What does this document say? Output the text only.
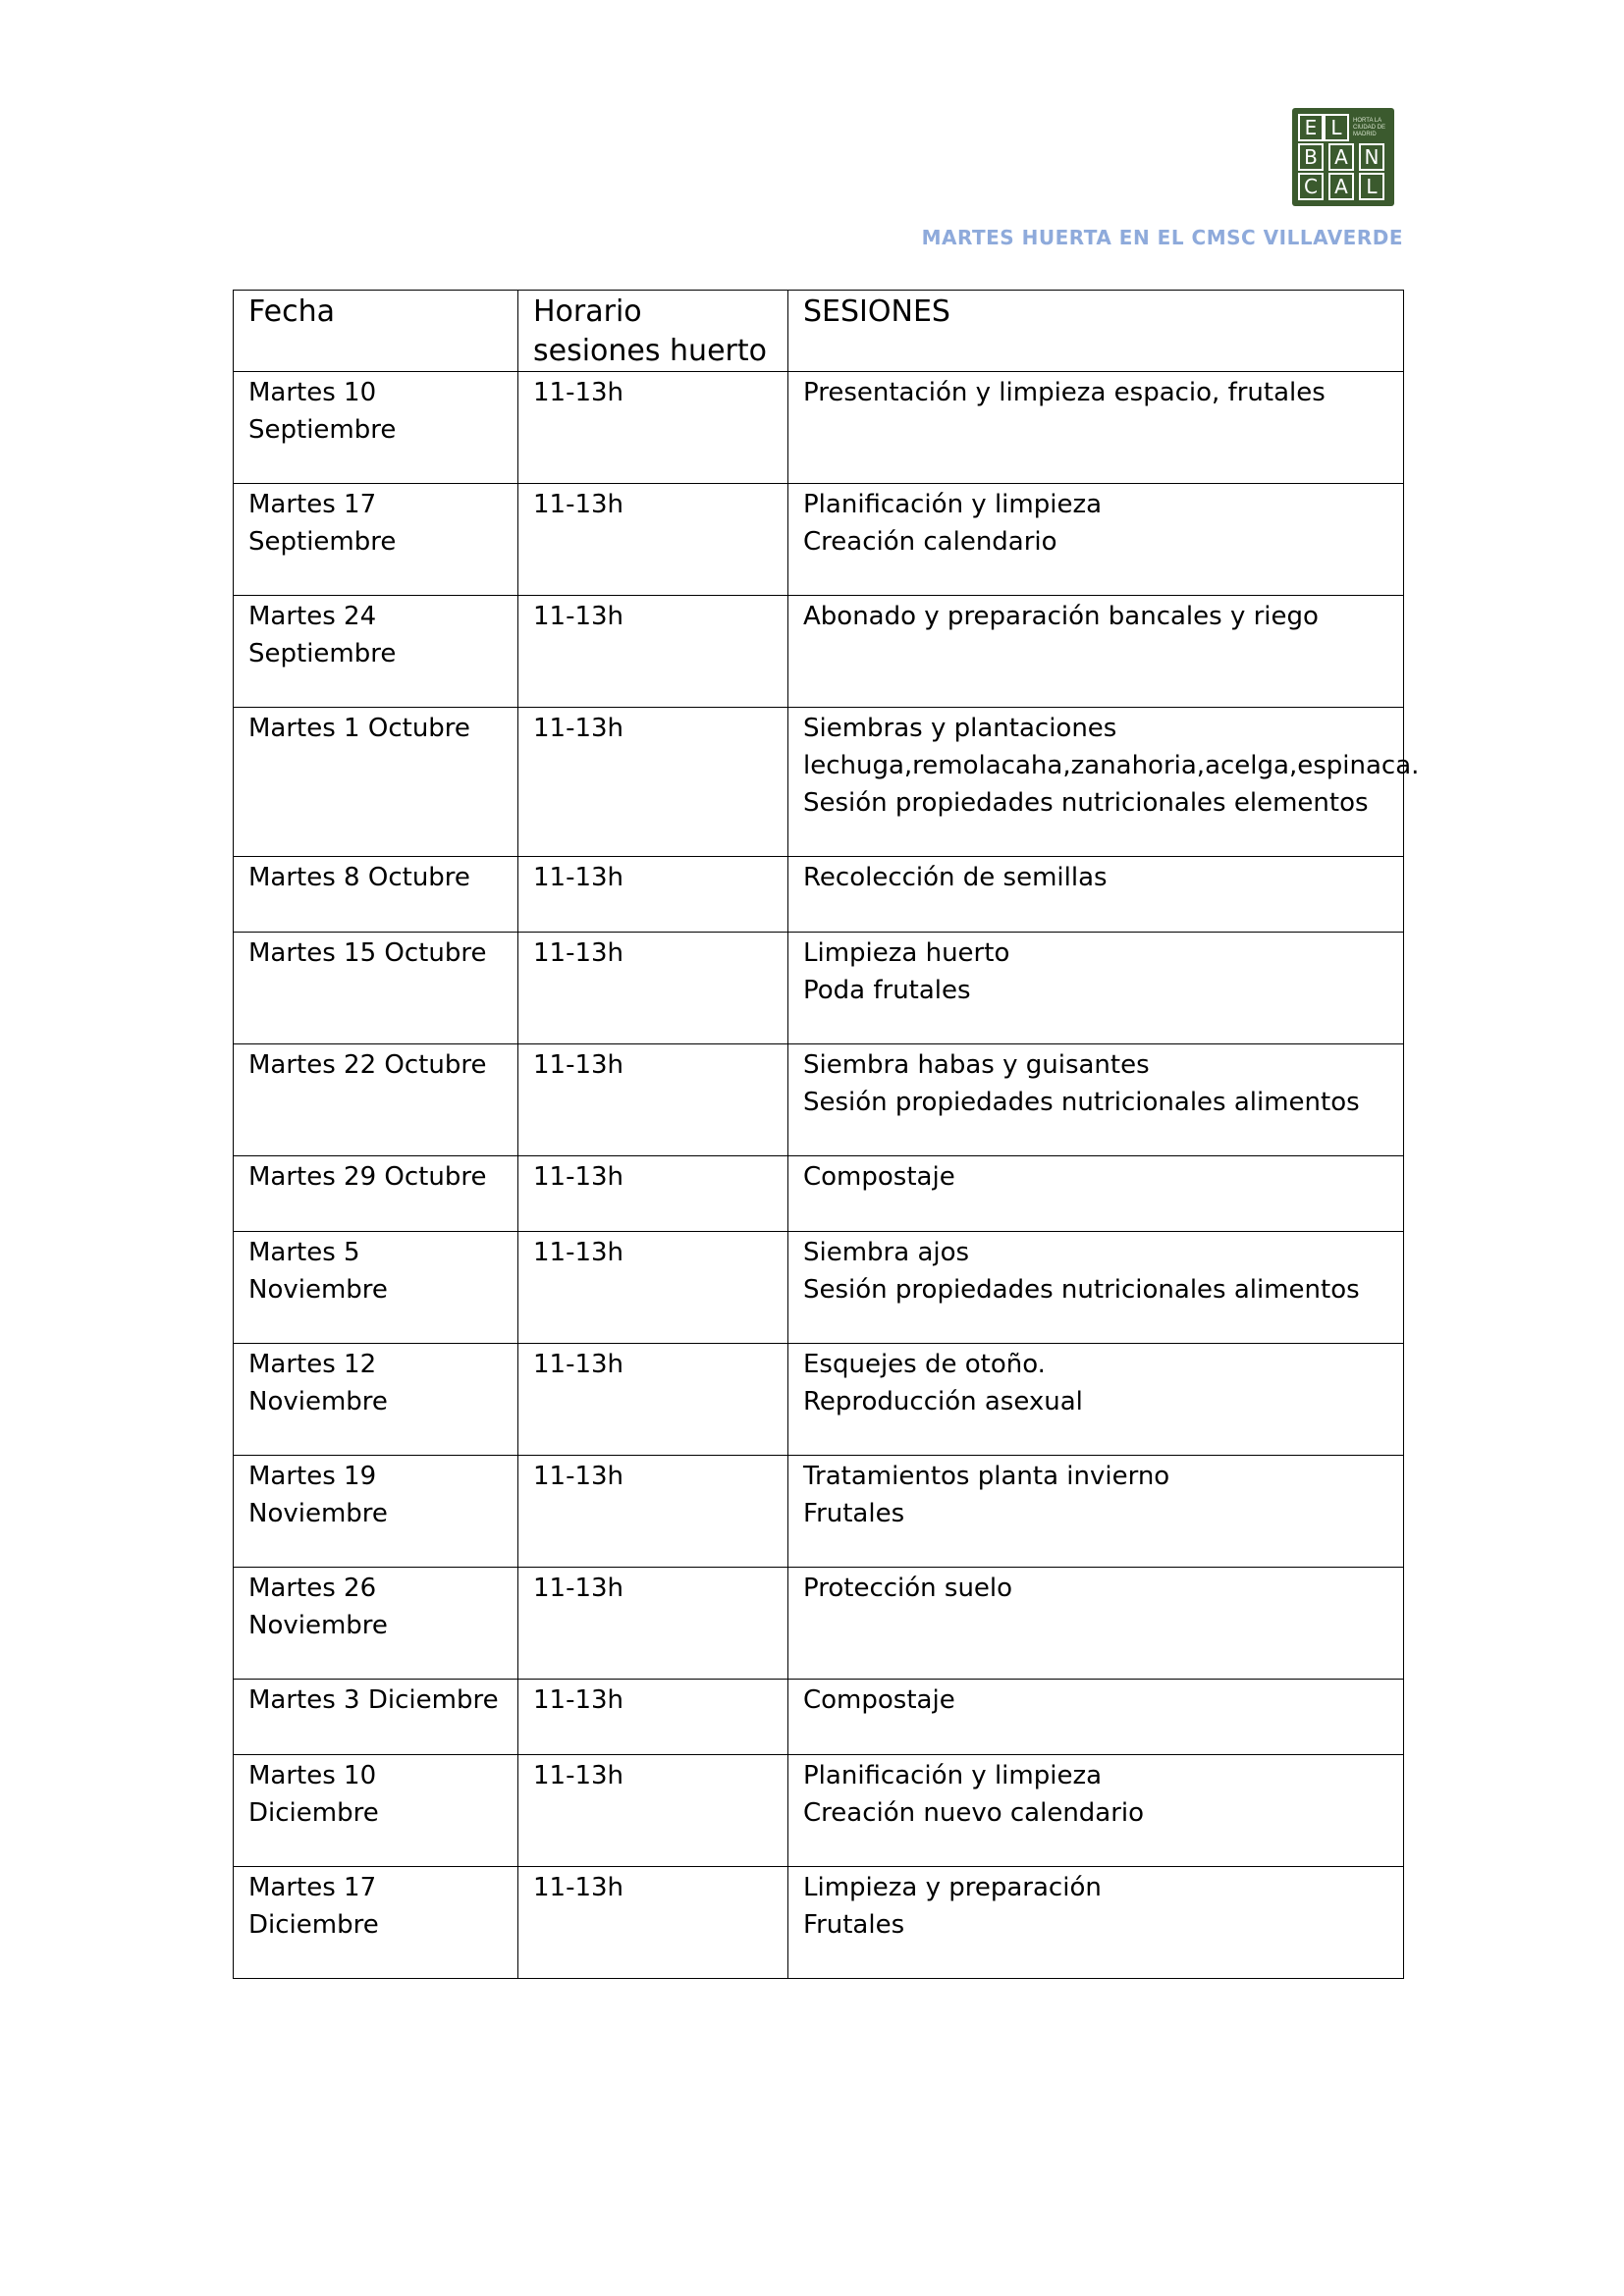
E L	HORTA LA CIUDAD DE MADRID
B A N
C A L
MARTES HUERTA EN EL CMSC VILLAVERDE
Fecha	Horario sesiones huerto	SESIONES
Martes 10 Septiembre	11-13h	Presentación y limpieza espacio, frutales
Martes 17 Septiembre	11-13h	Planificación y limpieza
Creación calendario
Martes 24 Septiembre	11-13h	Abonado y preparación bancales y riego
Martes 1 Octubre	11-13h	Siembras y plantaciones
lechuga,remolacaha,zanahoria,acelga,espinaca.
Sesión propiedades nutricionales elementos
Martes 8 Octubre	11-13h	Recolección de semillas
Martes 15 Octubre	11-13h	Limpieza huerto
Poda frutales
Martes 22 Octubre	11-13h	Siembra habas y guisantes
Sesión propiedades nutricionales alimentos
Martes 29 Octubre	11-13h	Compostaje
Martes 5 Noviembre	11-13h	Siembra ajos
Sesión propiedades nutricionales alimentos
Martes 12 Noviembre	11-13h	Esquejes de otoño.
Reproducción asexual
Martes 19 Noviembre	11-13h	Tratamientos planta invierno
Frutales
Martes 26 Noviembre	11-13h	Protección suelo
Martes 3 Diciembre	11-13h	Compostaje
Martes 10 Diciembre	11-13h	Planificación y limpieza
Creación nuevo calendario
Martes 17 Diciembre	11-13h	Limpieza y preparación
Frutales
